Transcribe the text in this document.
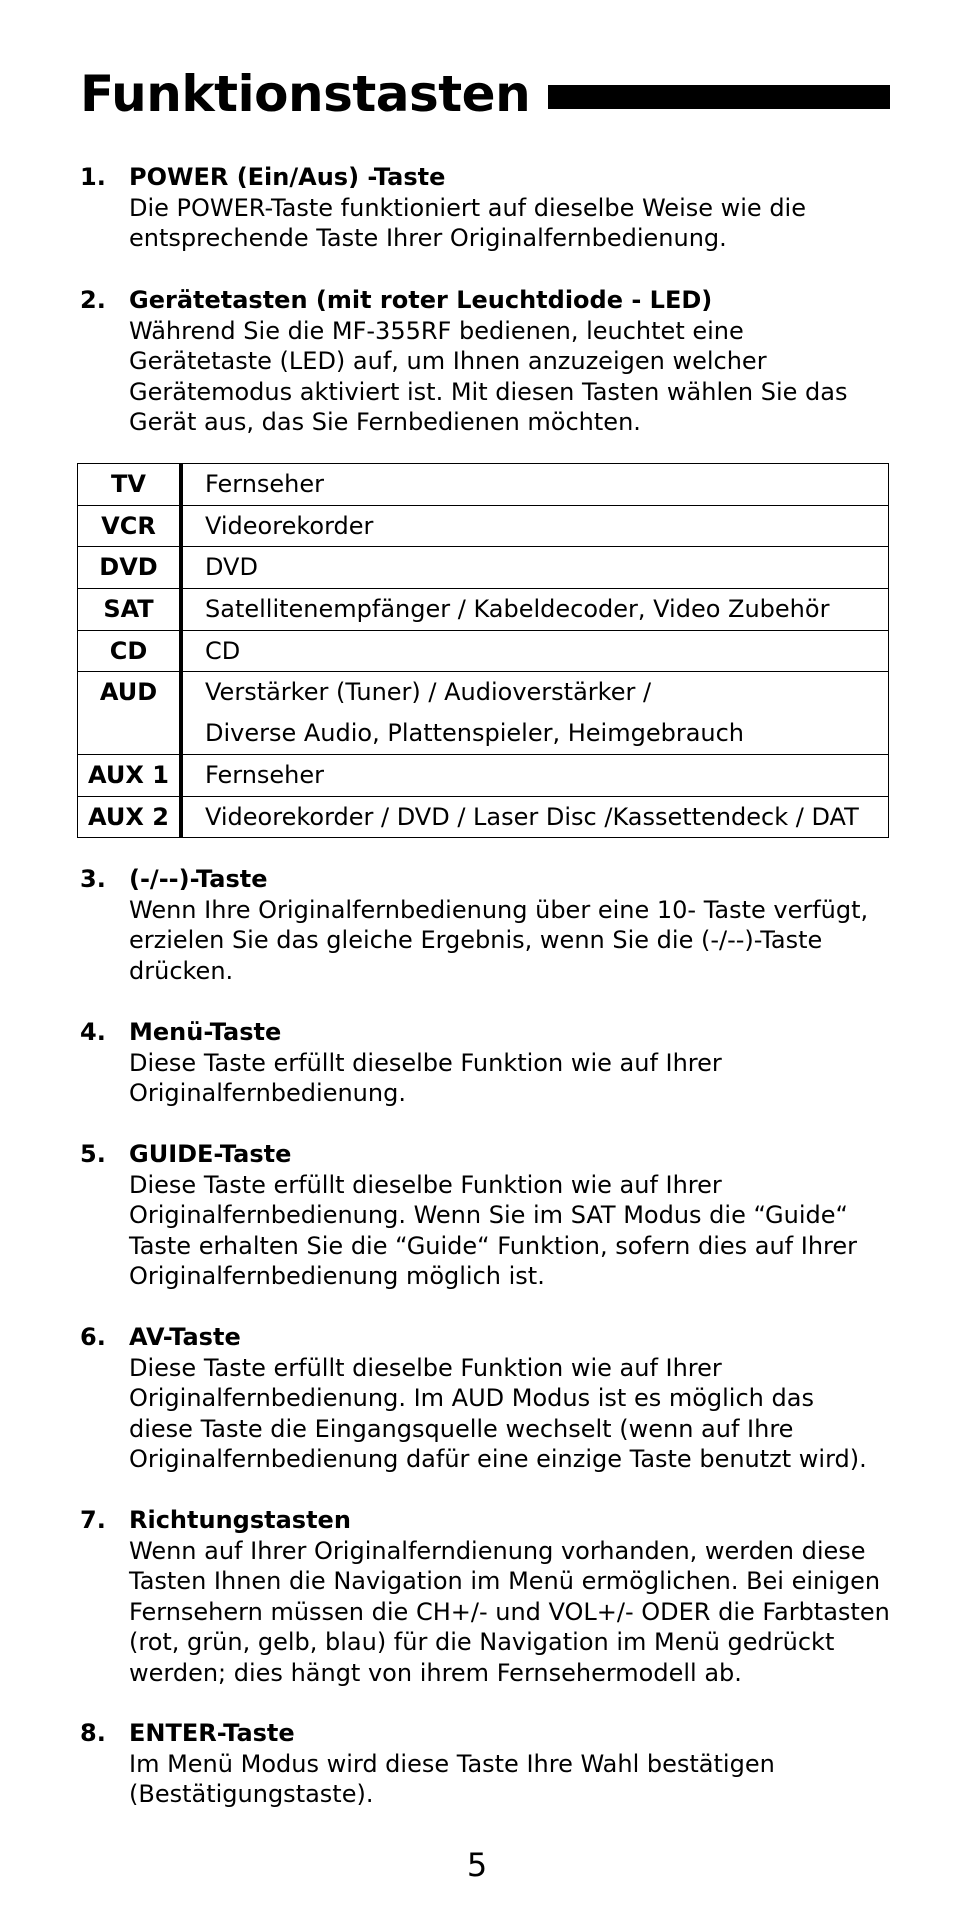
Funktionstasten
1. POWER (Ein/Aus) -Taste
Die POWER-Taste funktioniert auf dieselbe Weise wie die
entsprechende Taste Ihrer Originalfernbedienung.
2. Gerätetasten (mit roter Leuchtdiode - LED)
Während Sie die MF-355RF bedienen, leuchtet eine
Gerätetaste (LED) auf, um Ihnen anzuzeigen welcher
Gerätemodus aktiviert ist. Mit diesen Tasten wählen Sie das
Gerät aus, das Sie Fernbedienen möchten.
TV	Fernseher

VCR	Videorekorder

DVD	DVD

SAT	Satellitenempfänger / Kabeldecoder, Video Zubehör

CD	CD

AUD	Verstärker (Tuner) / Audioverstärker /
Diverse Audio, Plattenspieler, Heimgebrauch

AUX 1	Fernseher

AUX 2	Videorekorder / DVD / Laser Disc /Kassettendeck / DAT
3. (-/--)-Taste
Wenn Ihre Originalfernbedienung über eine 10- Taste verfügt,
erzielen Sie das gleiche Ergebnis, wenn Sie die (-/--)-Taste
drücken.
4. Menü-Taste
Diese Taste erfüllt dieselbe Funktion wie auf Ihrer
Originalfernbedienung.
5. GUIDE-Taste
Diese Taste erfüllt dieselbe Funktion wie auf Ihrer
Originalfernbedienung. Wenn Sie im SAT Modus die “Guide“
Taste erhalten Sie die “Guide“ Funktion, sofern dies auf Ihrer
Originalfernbedienung möglich ist.
6. AV-Taste
Diese Taste erfüllt dieselbe Funktion wie auf Ihrer
Originalfernbedienung. Im AUD Modus ist es möglich das
diese Taste die Eingangsquelle wechselt (wenn auf Ihre
Originalfernbedienung dafür eine einzige Taste benutzt wird).
7. Richtungstasten
Wenn auf Ihrer Originalferndienung vorhanden, werden diese
Tasten Ihnen die Navigation im Menü ermöglichen. Bei einigen
Fernsehern müssen die CH+/- und VOL+/- ODER die Farbtasten
(rot, grün, gelb, blau) für die Navigation im Menü gedrückt
werden; dies hängt von ihrem Fernsehermodell ab.
8. ENTER-Taste
Im Menü Modus wird diese Taste Ihre Wahl bestätigen
(Bestätigungstaste).
5
